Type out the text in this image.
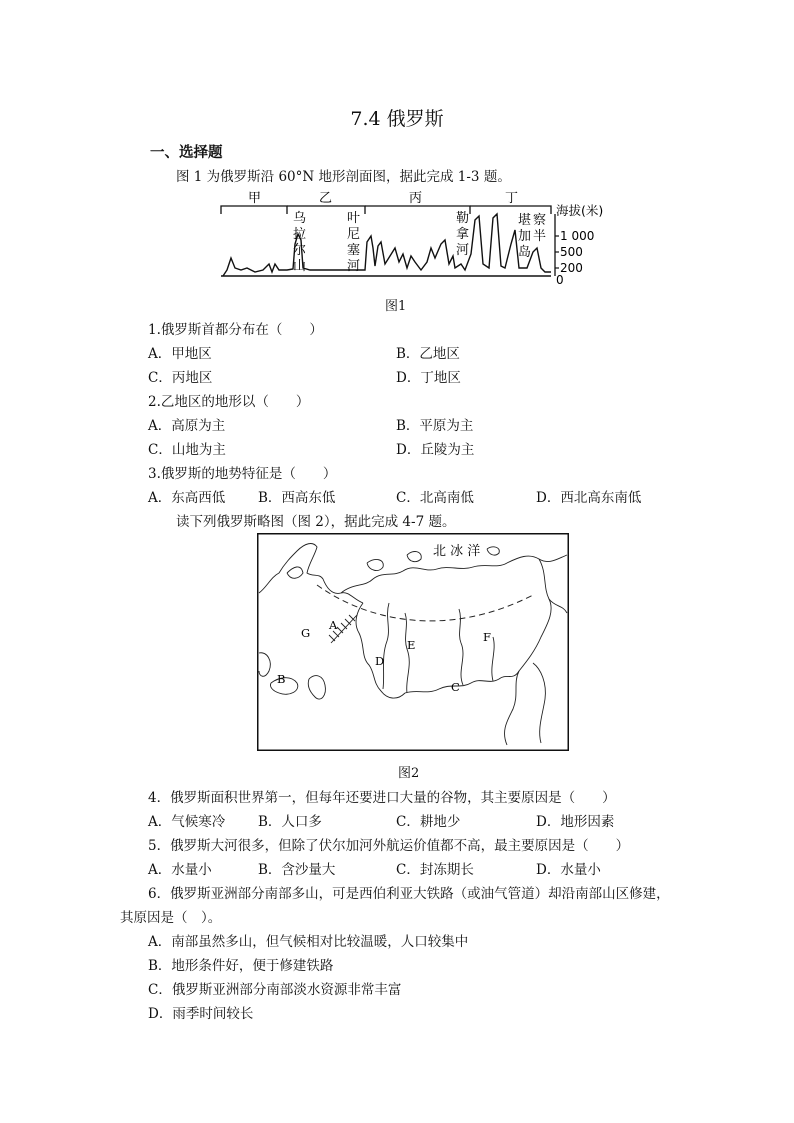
7.4 俄罗斯
一、选择题
图 1 为俄罗斯沿 60°N 地形剖面图，据此完成 1-3 题。
甲	乙	丙	丁
乌
拉
尔
山
叶
尼
塞
河
勒
拿
河
堪 察
加 半
岛
海拔(米)
1 000
500
200
0
图1
1.俄罗斯首都分布在（　　）
A．甲地区	B．乙地区
C．丙地区	D．丁地区
2.乙地区的地形以（　　）
A．高原为主	B．平原为主
C．山地为主	D．丘陵为主
3.俄罗斯的地势特征是（　　）
A．东高西低 B．西高东低	C．北高南低	D．西北高东南低
读下列俄罗斯略图（图 2），据此完成 4-7 题。
北 冰 洋
A
B
C
D
E
F
G
图2
4．俄罗斯面积世界第一，但每年还要进口大量的谷物，其主要原因是（　　）
A．气候寒冷 B．人口多	C．耕地少	D．地形因素
5．俄罗斯大河很多，但除了伏尔加河外航运价值都不高，最主要原因是（　　）
A．水量小	B．含沙量大	C．封冻期长	D．水量小
6．俄罗斯亚洲部分南部多山，可是西伯利亚大铁路（或油气管道）却沿南部山区修建，
其原因是（　）。
A．南部虽然多山，但气候相对比较温暖，人口较集中
B．地形条件好，便于修建铁路
C．俄罗斯亚洲部分南部淡水资源非常丰富
D．雨季时间较长
